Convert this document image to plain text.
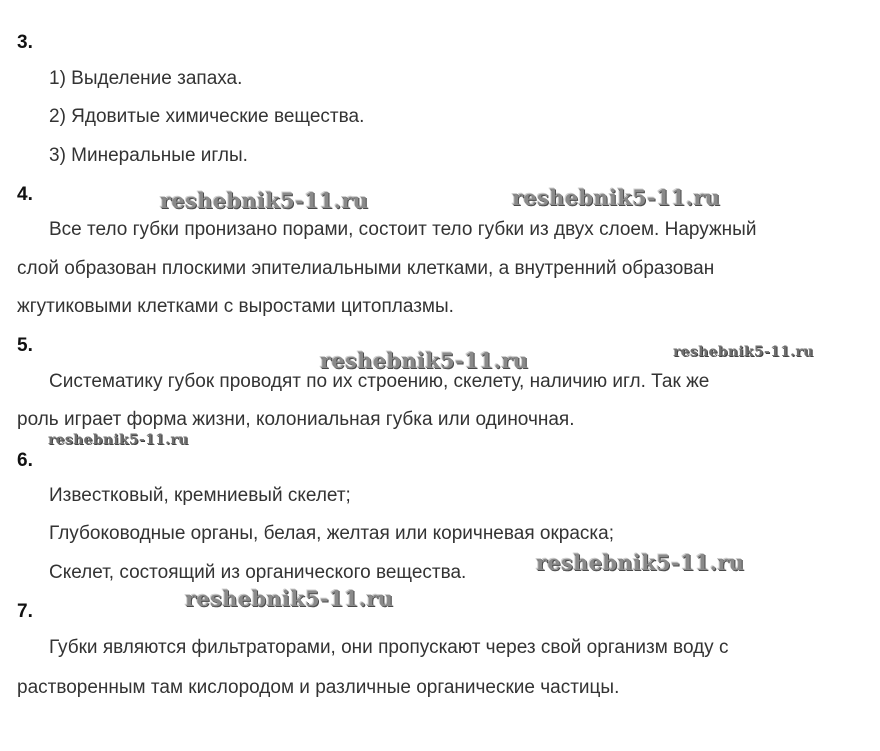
3.
1) Выделение запаха.
2) Ядовитые химические вещества.
3) Минеральные иглы.
4.
Все тело губки пронизано порами, состоит тело губки из двух слоем. Наружный
слой образован плоскими эпителиальными клетками, а внутренний образован
жгутиковыми клетками с выростами цитоплазмы.
5.
Систематику губок проводят по их строению, скелету, наличию игл. Так же
роль играет форма жизни, колониальная губка или одиночная.
6.
Известковый, кремниевый скелет;
Глубоководные органы, белая, желтая или коричневая окраска;
Скелет, состоящий из органического вещества.
7.
Губки являются фильтраторами, они пропускают через свой организм воду с
растворенным там кислородом и различные органические частицы.
reshebnik5-11.ru	reshebnik5-11.ru
reshebnik5-11.ru	reshebnik5-11.ru
reshebnik5-11.ru
reshebnik5-11.ru
reshebnik5-11.ru
